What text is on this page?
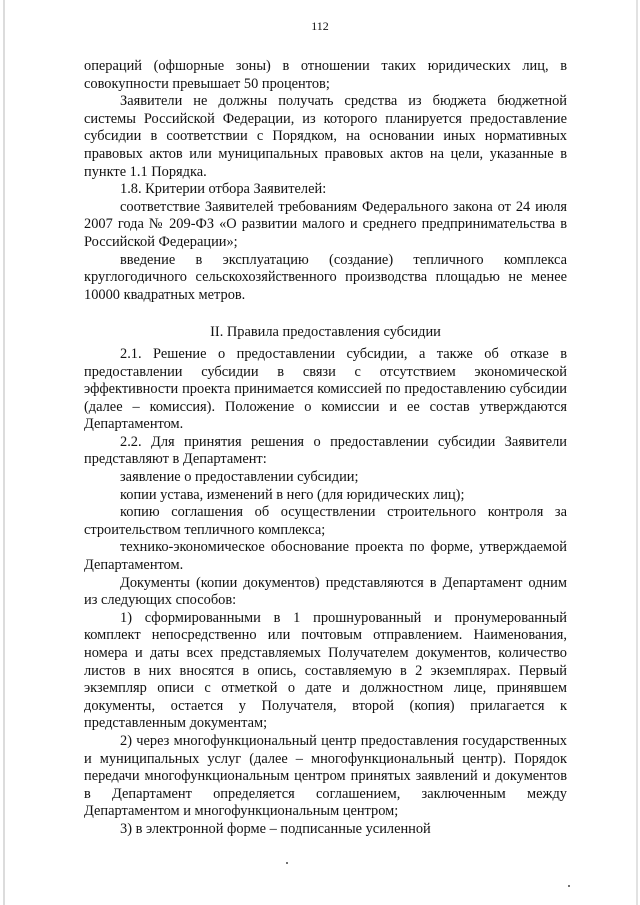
112

операций (офшорные зоны) в отношении таких юридических лиц, в совокупности превышает 50 процентов;

Заявители не должны получать средства из бюджета бюджетной системы Российской Федерации, из которого планируется предоставление субсидии в соответствии с Порядком, на основании иных нормативных правовых актов или муниципальных правовых актов на цели, указанные в пункте 1.1 Порядка.

1.8. Критерии отбора Заявителей:

соответствие Заявителей требованиям Федерального закона от 24 июля 2007 года № 209-ФЗ «О развитии малого и среднего предпринимательства в Российской Федерации»;

введение в эксплуатацию (создание) тепличного комплекса круглогодичного сельскохозяйственного производства площадью не менее 10000 квадратных метров.

II. Правила предоставления субсидии

2.1. Решение о предоставлении субсидии, а также об отказе в предоставлении субсидии в связи с отсутствием экономической эффективности проекта принимается комиссией по предоставлению субсидии (далее – комиссия). Положение о комиссии и ее состав утверждаются Департаментом.

2.2. Для принятия решения о предоставлении субсидии Заявители представляют в Департамент:

заявление о предоставлении субсидии;

копии устава, изменений в него (для юридических лиц);

копию соглашения об осуществлении строительного контроля за строительством тепличного комплекса;

технико-экономическое обоснование проекта по форме, утверждаемой Департаментом.

Документы (копии документов) представляются в Департамент одним из следующих способов:

1) сформированными в 1 прошнурованный и пронумерованный комплект непосредственно или почтовым отправлением. Наименования, номера и даты всех представляемых Получателем документов, количество листов в них вносятся в опись, составляемую в 2 экземплярах. Первый экземпляр описи с отметкой о дате и должностном лице, принявшем документы, остается у Получателя, второй (копия) прилагается к представленным документам;

2) через многофункциональный центр предоставления государственных и муниципальных услуг (далее – многофункциональный центр). Порядок передачи многофункциональным центром принятых заявлений и документов в Департамент определяется соглашением, заключенным между Департаментом и многофункциональным центром;

3) в электронной форме – подписанные усиленной
